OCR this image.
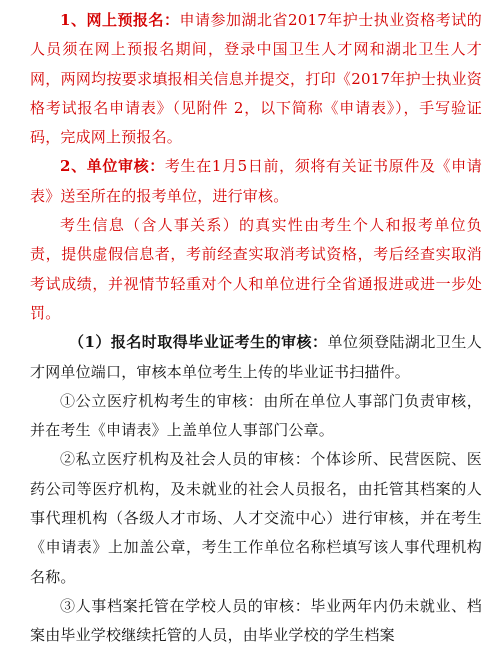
1、网上预报名：申请参加湖北省2017年护士执业资格考试的人员须在网上预报名期间，登录中国卫生人才网和湖北卫生人才网，两网均按要求填报相关信息并提交，打印《2017年护士执业资格考试报名申请表》（见附件 2，以下简称《申请表》），手写验证码，完成网上预报名。

2、单位审核：考生在1月5日前，须将有关证书原件及《申请表》送至所在的报考单位，进行审核。

考生信息（含人事关系）的真实性由考生个人和报考单位负责，提供虚假信息者，考前经查实取消考试资格，考后经查实取消考试成绩，并视情节轻重对个人和单位进行全省通报进或进一步处罚。

（1）报名时取得毕业证考生的审核：单位须登陆湖北卫生人才网单位端口，审核本单位考生上传的毕业证书扫描件。

①公立医疗机构考生的审核：由所在单位人事部门负责审核，并在考生《申请表》上盖单位人事部门公章。

②私立医疗机构及社会人员的审核：个体诊所、民营医院、医药公司等医疗机构，及未就业的社会人员报名，由托管其档案的人事代理机构（各级人才市场、人才交流中心）进行审核，并在考生《申请表》上加盖公章，考生工作单位名称栏填写该人事代理机构名称。

③人事档案托管在学校人员的审核：毕业两年内仍未就业、档案由毕业学校继续托管的人员，由毕业学校的学生档案
